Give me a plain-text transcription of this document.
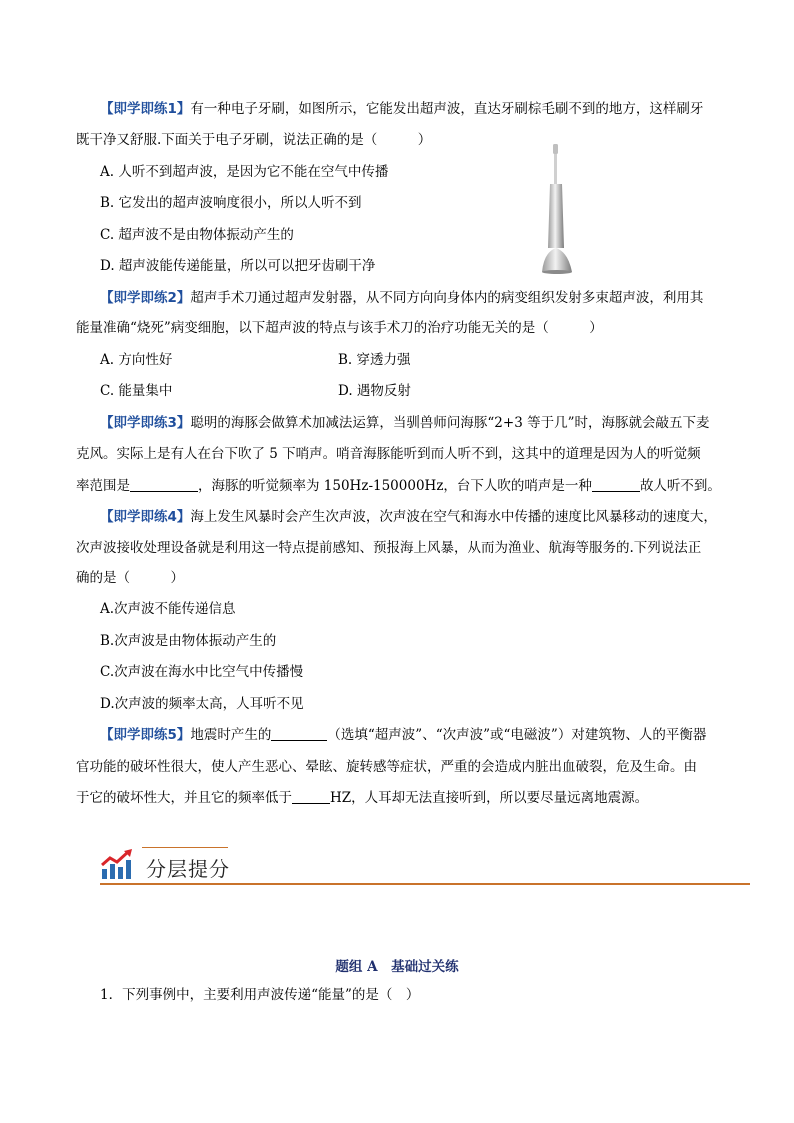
【即学即练1】有一种电子牙刷，如图所示，它能发出超声波，直达牙刷棕毛刷不到的地方，这样刷牙
既干净又舒服.下面关于电子牙刷，说法正确的是（　　　）
A. 人听不到超声波，是因为它不能在空气中传播
B. 它发出的超声波响度很小，所以人听不到
C. 超声波不是由物体振动产生的
D. 超声波能传递能量，所以可以把牙齿刷干净
【即学即练2】超声手术刀通过超声发射器，从不同方向向身体内的病变组织发射多束超声波，利用其
能量准确“烧死”病变细胞，以下超声波的特点与该手术刀的治疗功能无关的是（　　　）
A. 方向性好	B. 穿透力强
C. 能量集中	D. 遇物反射
【即学即练3】聪明的海豚会做算术加减法运算，当驯兽师问海豚“2+3 等于几”时，海豚就会敲五下麦
克风。实际上是有人在台下吹了 5 下哨声。哨音海豚能听到而人听不到，这其中的道理是因为人的听觉频
率范围是	，海豚的听觉频率为 150Hz-150000Hz，台下人吹的哨声是一种	故人听不到。
【即学即练4】海上发生风暴时会产生次声波，次声波在空气和海水中传播的速度比风暴移动的速度大，
次声波接收处理设备就是利用这一特点提前感知、预报海上风暴，从而为渔业、航海等服务的.下列说法正
确的是（　　　）
A.次声波不能传递信息
B.次声波是由物体振动产生的
C.次声波在海水中比空气中传播慢
D.次声波的频率太高，人耳听不见
【即学即练5】地震时产生的	（选填“超声波”、“次声波”或“电磁波”）对建筑物、人的平衡器
官功能的破坏性很大，使人产生恶心、晕眩、旋转感等症状，严重的会造成内脏出血破裂，危及生命。由
于它的破坏性大，并且它的频率低于	HZ，人耳却无法直接听到，所以要尽量远离地震源。
分层提分
题组 A　基础过关练
1．下列事例中，主要利用声波传递“能量”的是（　）
